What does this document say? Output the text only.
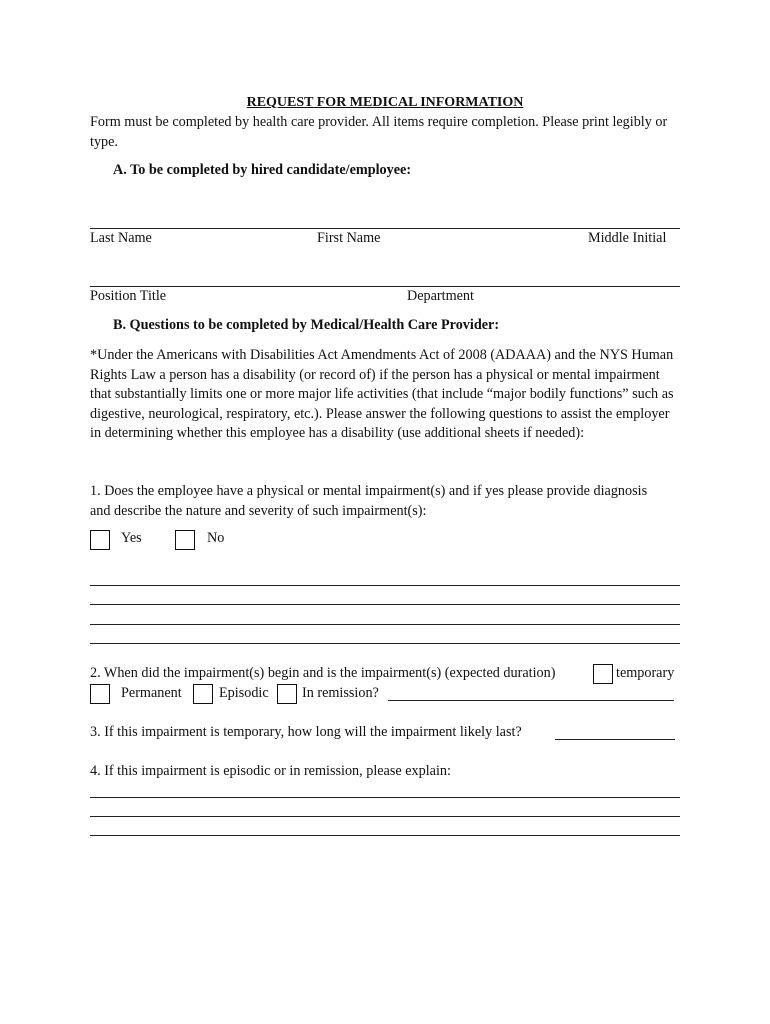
REQUEST FOR MEDICAL INFORMATION
Form must be completed by health care provider. All items require completion. Please print legibly or type.
A. To be completed by hired candidate/employee:
Last Name	First Name	Middle Initial
Position Title	Department
B. Questions to be completed by Medical/Health Care Provider:
*Under the Americans with Disabilities Act Amendments Act of 2008 (ADAAA) and the NYS Human Rights Law a person has a disability (or record of) if the person has a physical or mental impairment that substantially limits one or more major life activities (that include “major bodily functions” such as digestive, neurological, respiratory, etc.). Please answer the following questions to assist the employer in determining whether this employee has a disability (use additional sheets if needed):
1. Does the employee have a physical or mental impairment(s) and if yes please provide diagnosis and describe the nature and severity of such impairment(s):
Yes	No
2. When did the impairment(s) begin and is the impairment(s) (expected duration)	temporary
Permanent	Episodic In remission?
3. If this impairment is temporary, how long will the impairment likely last?
4. If this impairment is episodic or in remission, please explain:
